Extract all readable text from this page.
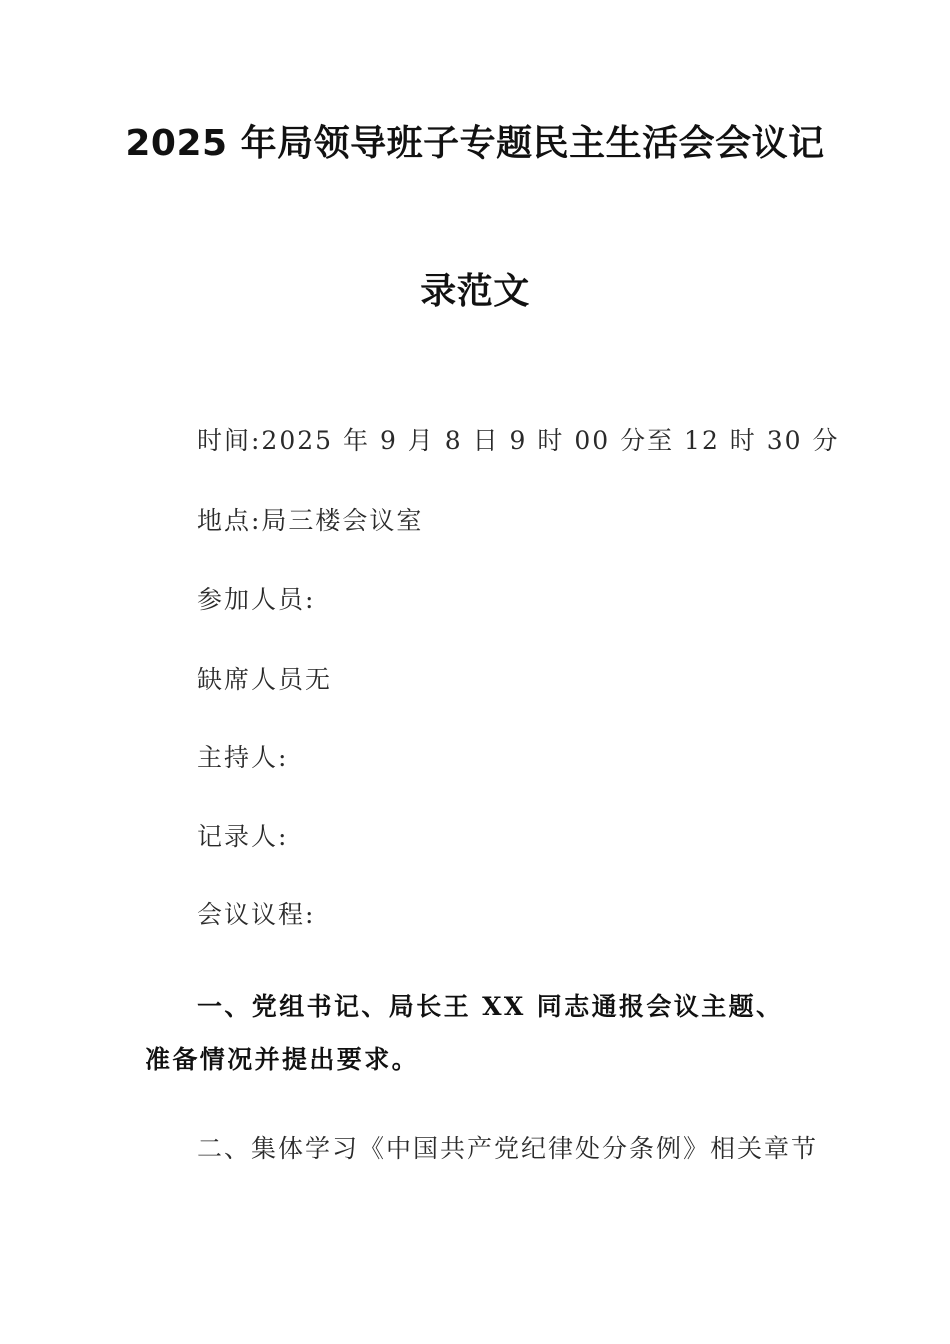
2025 年局领导班子专题民主生活会会议记
录范文
时间:2025 年 9 月 8 日 9 时 00 分至 12 时 30 分
地点:局三楼会议室
参加人员:
缺席人员无
主持人:
记录人:
会议议程:
一、党组书记、局长王 XX 同志通报会议主题、准备情况并提出要求。
二、集体学习《中国共产党纪律处分条例》相关章节
